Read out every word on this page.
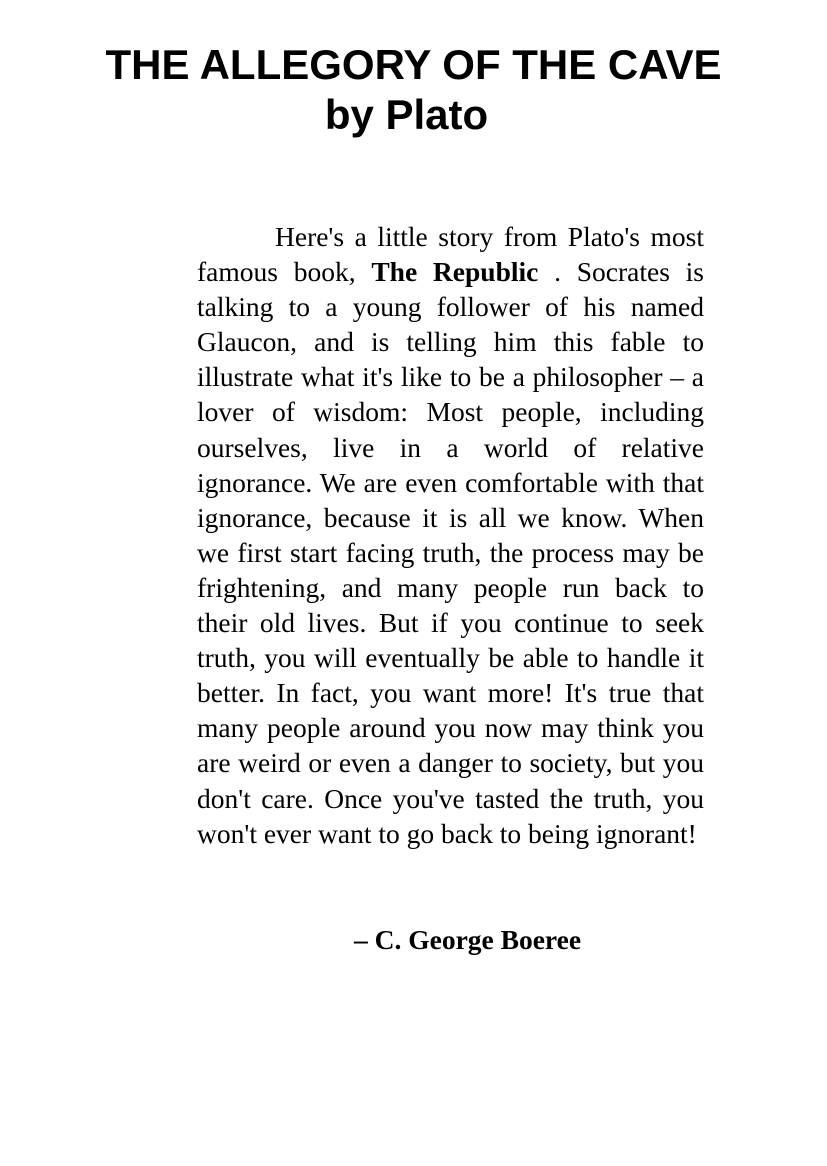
THE ALLEGORY OF THE CAVE
by Plato

Here's a little story from Plato's most famous book, The Republic . Socrates is talking to a young follower of his named Glaucon, and is telling him this fable to illustrate what it's like to be a philosopher – a lover of wisdom: Most people, including ourselves, live in a world of relative ignorance. We are even comfortable with that ignorance, because it is all we know. When we first start facing truth, the process may be frightening, and many people run back to their old lives. But if you continue to seek truth, you will eventually be able to handle it better. In fact, you want more! It's true that many people around you now may think you are weird or even a danger to society, but you don't care. Once you've tasted the truth, you won't ever want to go back to being ignorant!

– C. George Boeree
